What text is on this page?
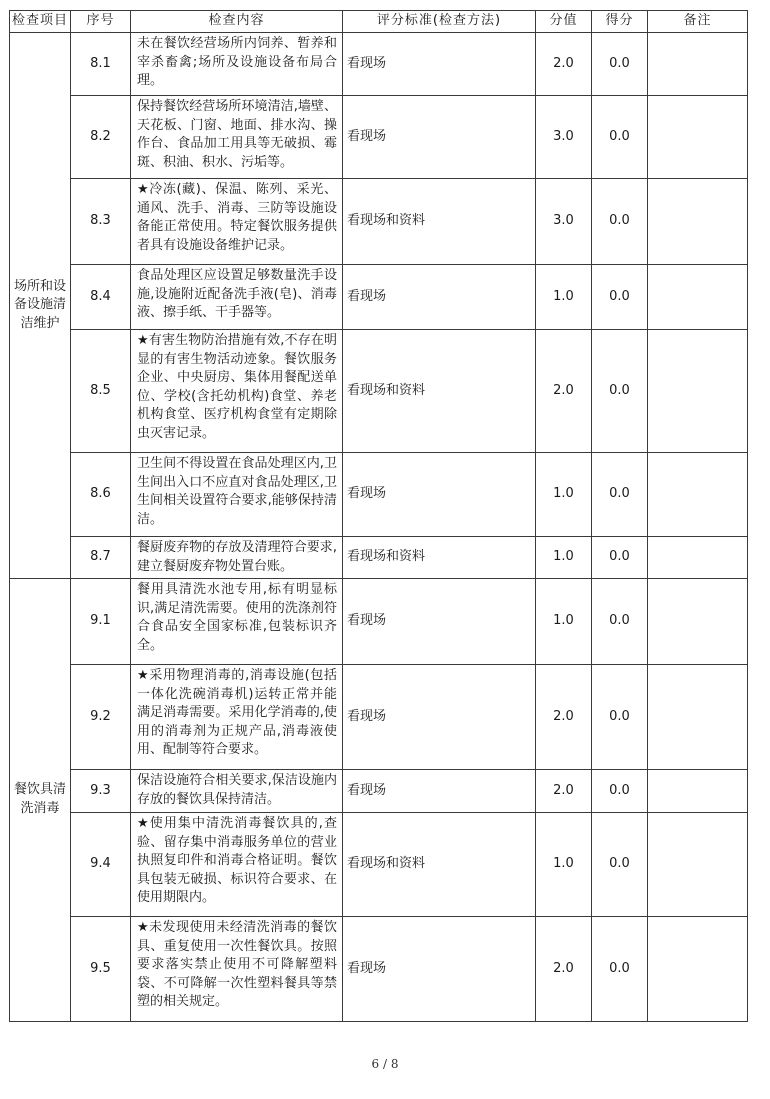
检查项目	序号	检查内容	评分标准(检查方法)	分值	得分	备注
场所和设备设施清洁维护	8.1	未在餐饮经营场所内饲养、暂养和宰杀畜禽;场所及设施设备布局合理。	看现场	2.0	0.0	
	8.2	保持餐饮经营场所环境清洁,墙壁、天花板、门窗、地面、排水沟、操作台、食品加工用具等无破损、霉斑、积油、积水、污垢等。	看现场	3.0	0.0	
	8.3	★冷冻(藏)、保温、陈列、采光、通风、洗手、消毒、三防等设施设备能正常使用。特定餐饮服务提供者具有设施设备维护记录。	看现场和资料	3.0	0.0	
	8.4	食品处理区应设置足够数量洗手设施,设施附近配备洗手液(皂)、消毒液、擦手纸、干手器等。	看现场	1.0	0.0	
	8.5	★有害生物防治措施有效,不存在明显的有害生物活动迹象。餐饮服务企业、中央厨房、集体用餐配送单位、学校(含托幼机构)食堂、养老机构食堂、医疗机构食堂有定期除虫灭害记录。	看现场和资料	2.0	0.0	
	8.6	卫生间不得设置在食品处理区内,卫生间出入口不应直对食品处理区,卫生间相关设置符合要求,能够保持清洁。	看现场	1.0	0.0	
	8.7	餐厨废弃物的存放及清理符合要求,建立餐厨废弃物处置台账。	看现场和资料	1.0	0.0	
餐饮具清洗消毒	9.1	餐用具清洗水池专用,标有明显标识,满足清洗需要。使用的洗涤剂符合食品安全国家标准,包装标识齐全。	看现场	1.0	0.0	
	9.2	★采用物理消毒的,消毒设施(包括一体化洗碗消毒机)运转正常并能满足消毒需要。采用化学消毒的,使用的消毒剂为正规产品,消毒液使用、配制等符合要求。	看现场	2.0	0.0	
	9.3	保洁设施符合相关要求,保洁设施内存放的餐饮具保持清洁。	看现场	2.0	0.0	
	9.4	★使用集中清洗消毒餐饮具的,查验、留存集中消毒服务单位的营业执照复印件和消毒合格证明。餐饮具包装无破损、标识符合要求、在使用期限内。	看现场和资料	1.0	0.0	
	9.5	★未发现使用未经清洗消毒的餐饮具、重复使用一次性餐饮具。按照要求落实禁止使用不可降解塑料袋、不可降解一次性塑料餐具等禁塑的相关规定。	看现场	2.0	0.0	
6 / 8
